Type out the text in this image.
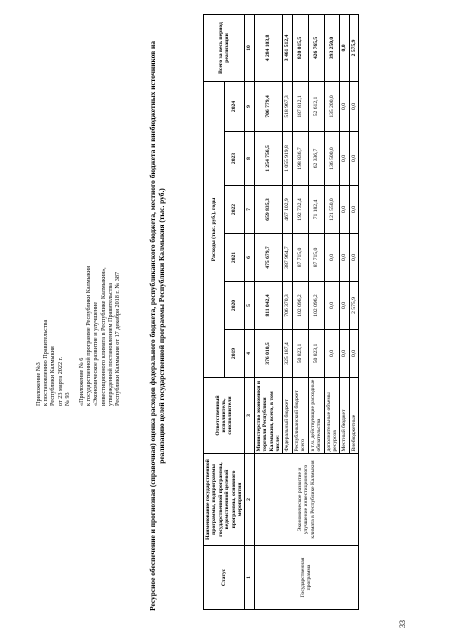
33
Приложение №3 к постановлению Правительства Республики Калмыкия от 23 марта 2022 г. № 93 «Приложение № 6 к государственной программе Республики Калмыкия «Экономическое развитие и улучшение инвестиционного климата в Республике Калмыкия», утвержденной постановлением Правительства Республики Калмыкия от 17 декабря 2018 г. № 387	Ресурсное обеспечение и прогнозная (справочная) оценка расходов федерального бюджета, республиканского бюджета, местного бюджета и внебюджетных источников на реализацию целей государственной программы Республики Калмыкия (тыс. руб.)
Статус	Наименование государственной программы, подпрограммы государственной программы, ведомственной целевой программы, основного мероприятия	Ответственный исполнитель, соисполнители	Расходы (тыс. руб.), годы						Всего за весь период реализации
			2019	2020	2021	2022	2023	2024	
1	2	3	4	5	6	7	8	9	10
Государственная программа	Экономическое развитие и улучшение инвестиционного климата в Республике Калмыкия	Министерство экономики и торговли Республики Калмыкия, всего, в том числе:	376 010,5	811 042,4	475 679,7	659 835,3	1 254 756,5	706 779,4	4 284 103,8
		Федеральный бюджет	325 187,4	706 370,3	387 964,7	467 102,9	1 055 919,8	518 967,3	3 461 512,4
		Республиканский бюджет всего	50 823,1	102 096,2	87 715,0	192 732,4	198 836,7	187 812,1	820 015,5
		в т.ч. действующие расходные обязательства	50 823,1	102 096,2	87 715,0	71 182,4	62 336,7	52 612,1	426 765,5
		дополнительные объемы ресурсов	0,0	0,0	0,0	121 550,0	136 500,0	135 200,0	393 250,0
		Местный бюджет	0,0	0,0	0,0	0,0	0,0	0,0	0,0
		Внебюджетные	0,0	2 575,9	0,0	0,0	0,0	0,0	2 575,9
